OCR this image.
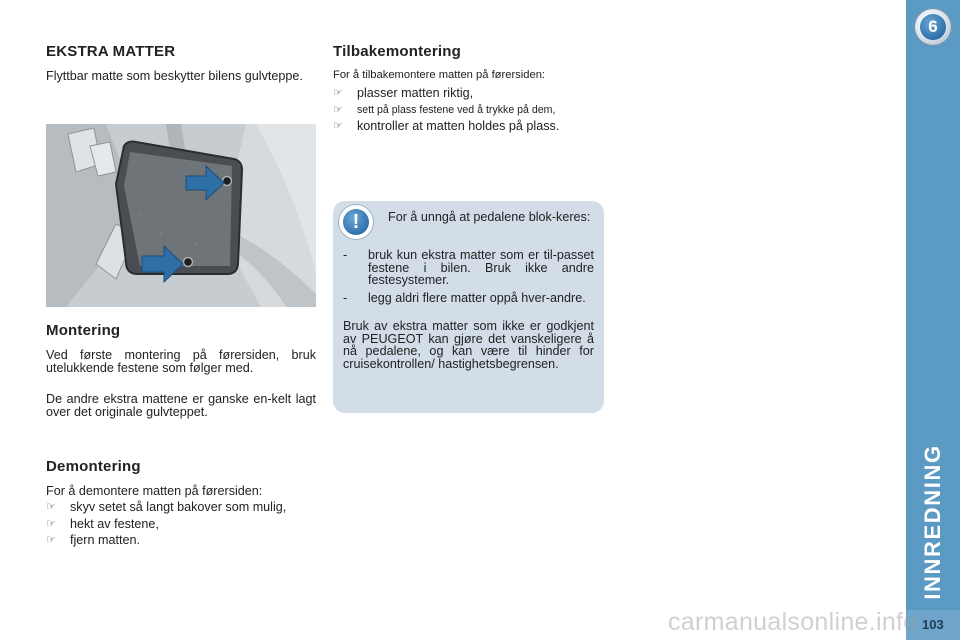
EKSTRA MATTER

Flyttbar matte som beskytter bilens gulvteppe.

Montering

Ved første montering på førersiden, bruk utelukkende festene som følger med.

De andre ekstra mattene er ganske en-kelt lagt over det originale gulvteppet.

Demontering

For å demontere matten på førersiden:

☞ skyv setet så langt bakover som mulig,
☞ hekt av festene,
☞ fjern matten.
Tilbakemontering

For å tilbakemontere matten på førersiden:

☞ plasser matten riktig,
☞ sett på plass festene ved å trykke på dem,
☞ kontroller at matten holdes på plass.
!	For å unngå at pedalene blok-keres:

- bruk kun ekstra matter som er til-passet festene i bilen. Bruk ikke andre festesystemer.
- legg aldri flere matter oppå hver-andre.

Bruk av ekstra matter som ikke er godkjent av PEUGEOT kan gjøre det vanskeligere å nå pedalene, og kan være til hinder for cruisekontrollen/ hastighetsbegrensen.

6
INNREDNING
103
carmanualsonline.info
